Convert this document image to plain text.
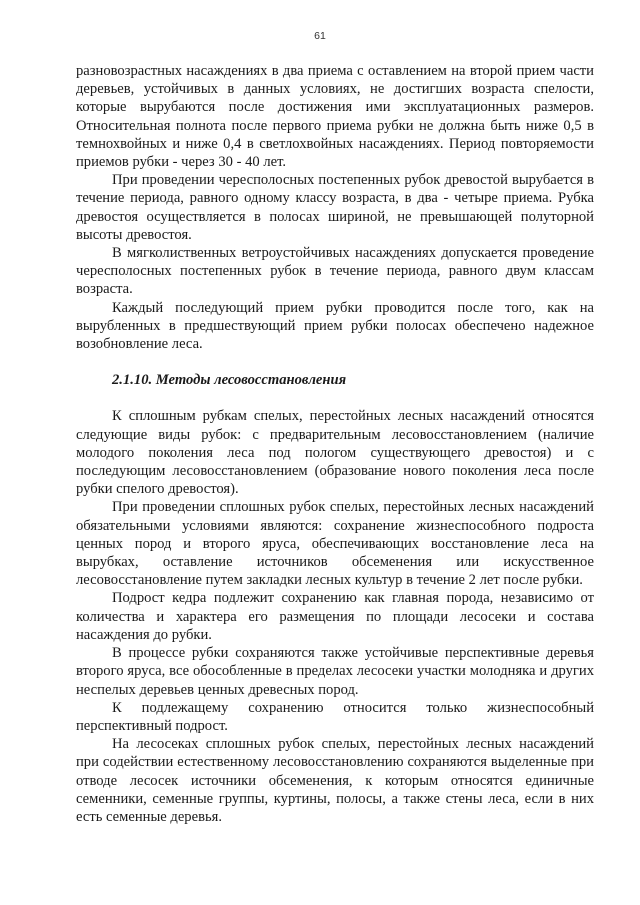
61

разновозрастных насаждениях в два приема с оставлением на второй прием части деревьев, устойчивых в данных условиях, не достигших возраста спелости, которые вырубаются после достижения ими эксплуатационных размеров. Относительная полнота после первого приема рубки не должна быть ниже 0,5 в темнохвойных и ниже 0,4 в светлохвойных насаждениях. Период повторяемости приемов рубки - через 30 - 40 лет.

При проведении чересполосных постепенных рубок древостой вырубается в течение периода, равного одному классу возраста, в два - четыре приема. Рубка древостоя осуществляется в полосах шириной, не превышающей полуторной высоты древостоя.

В мягколиственных ветроустойчивых насаждениях допускается проведение чересполосных постепенных рубок в течение периода, равного двум классам возраста.

Каждый последующий прием рубки проводится после того, как на вырубленных в предшествующий прием рубки полосах обеспечено надежное возобновление леса.

2.1.10. Методы лесовосстановления

К сплошным рубкам спелых, перестойных лесных насаждений относятся следующие виды рубок: с предварительным лесовосстановлением (наличие молодого поколения леса под пологом существующего древостоя) и с последующим лесовосстановлением (образование нового поколения леса после рубки спелого древостоя).

При проведении сплошных рубок спелых, перестойных лесных насаждений обязательными условиями являются: сохранение жизнеспособного подроста ценных пород и второго яруса, обеспечивающих восстановление леса на вырубках, оставление источников обсеменения или искусственное лесовосстановление путем закладки лесных культур в течение 2 лет после рубки.

Подрост кедра подлежит сохранению как главная порода, независимо от количества и характера его размещения по площади лесосеки и состава насаждения до рубки.

В процессе рубки сохраняются также устойчивые перспективные деревья второго яруса, все обособленные в пределах лесосеки участки молодняка и других неспелых деревьев ценных древесных пород.

К подлежащему сохранению относится только жизнеспособный перспективный подрост.

На лесосеках сплошных рубок спелых, перестойных лесных насаждений при содействии естественному лесовосстановлению сохраняются выделенные при отводе лесосек источники обсеменения, к которым относятся единичные семенники, семенные группы, куртины, полосы, а также стены леса, если в них есть семенные деревья.
